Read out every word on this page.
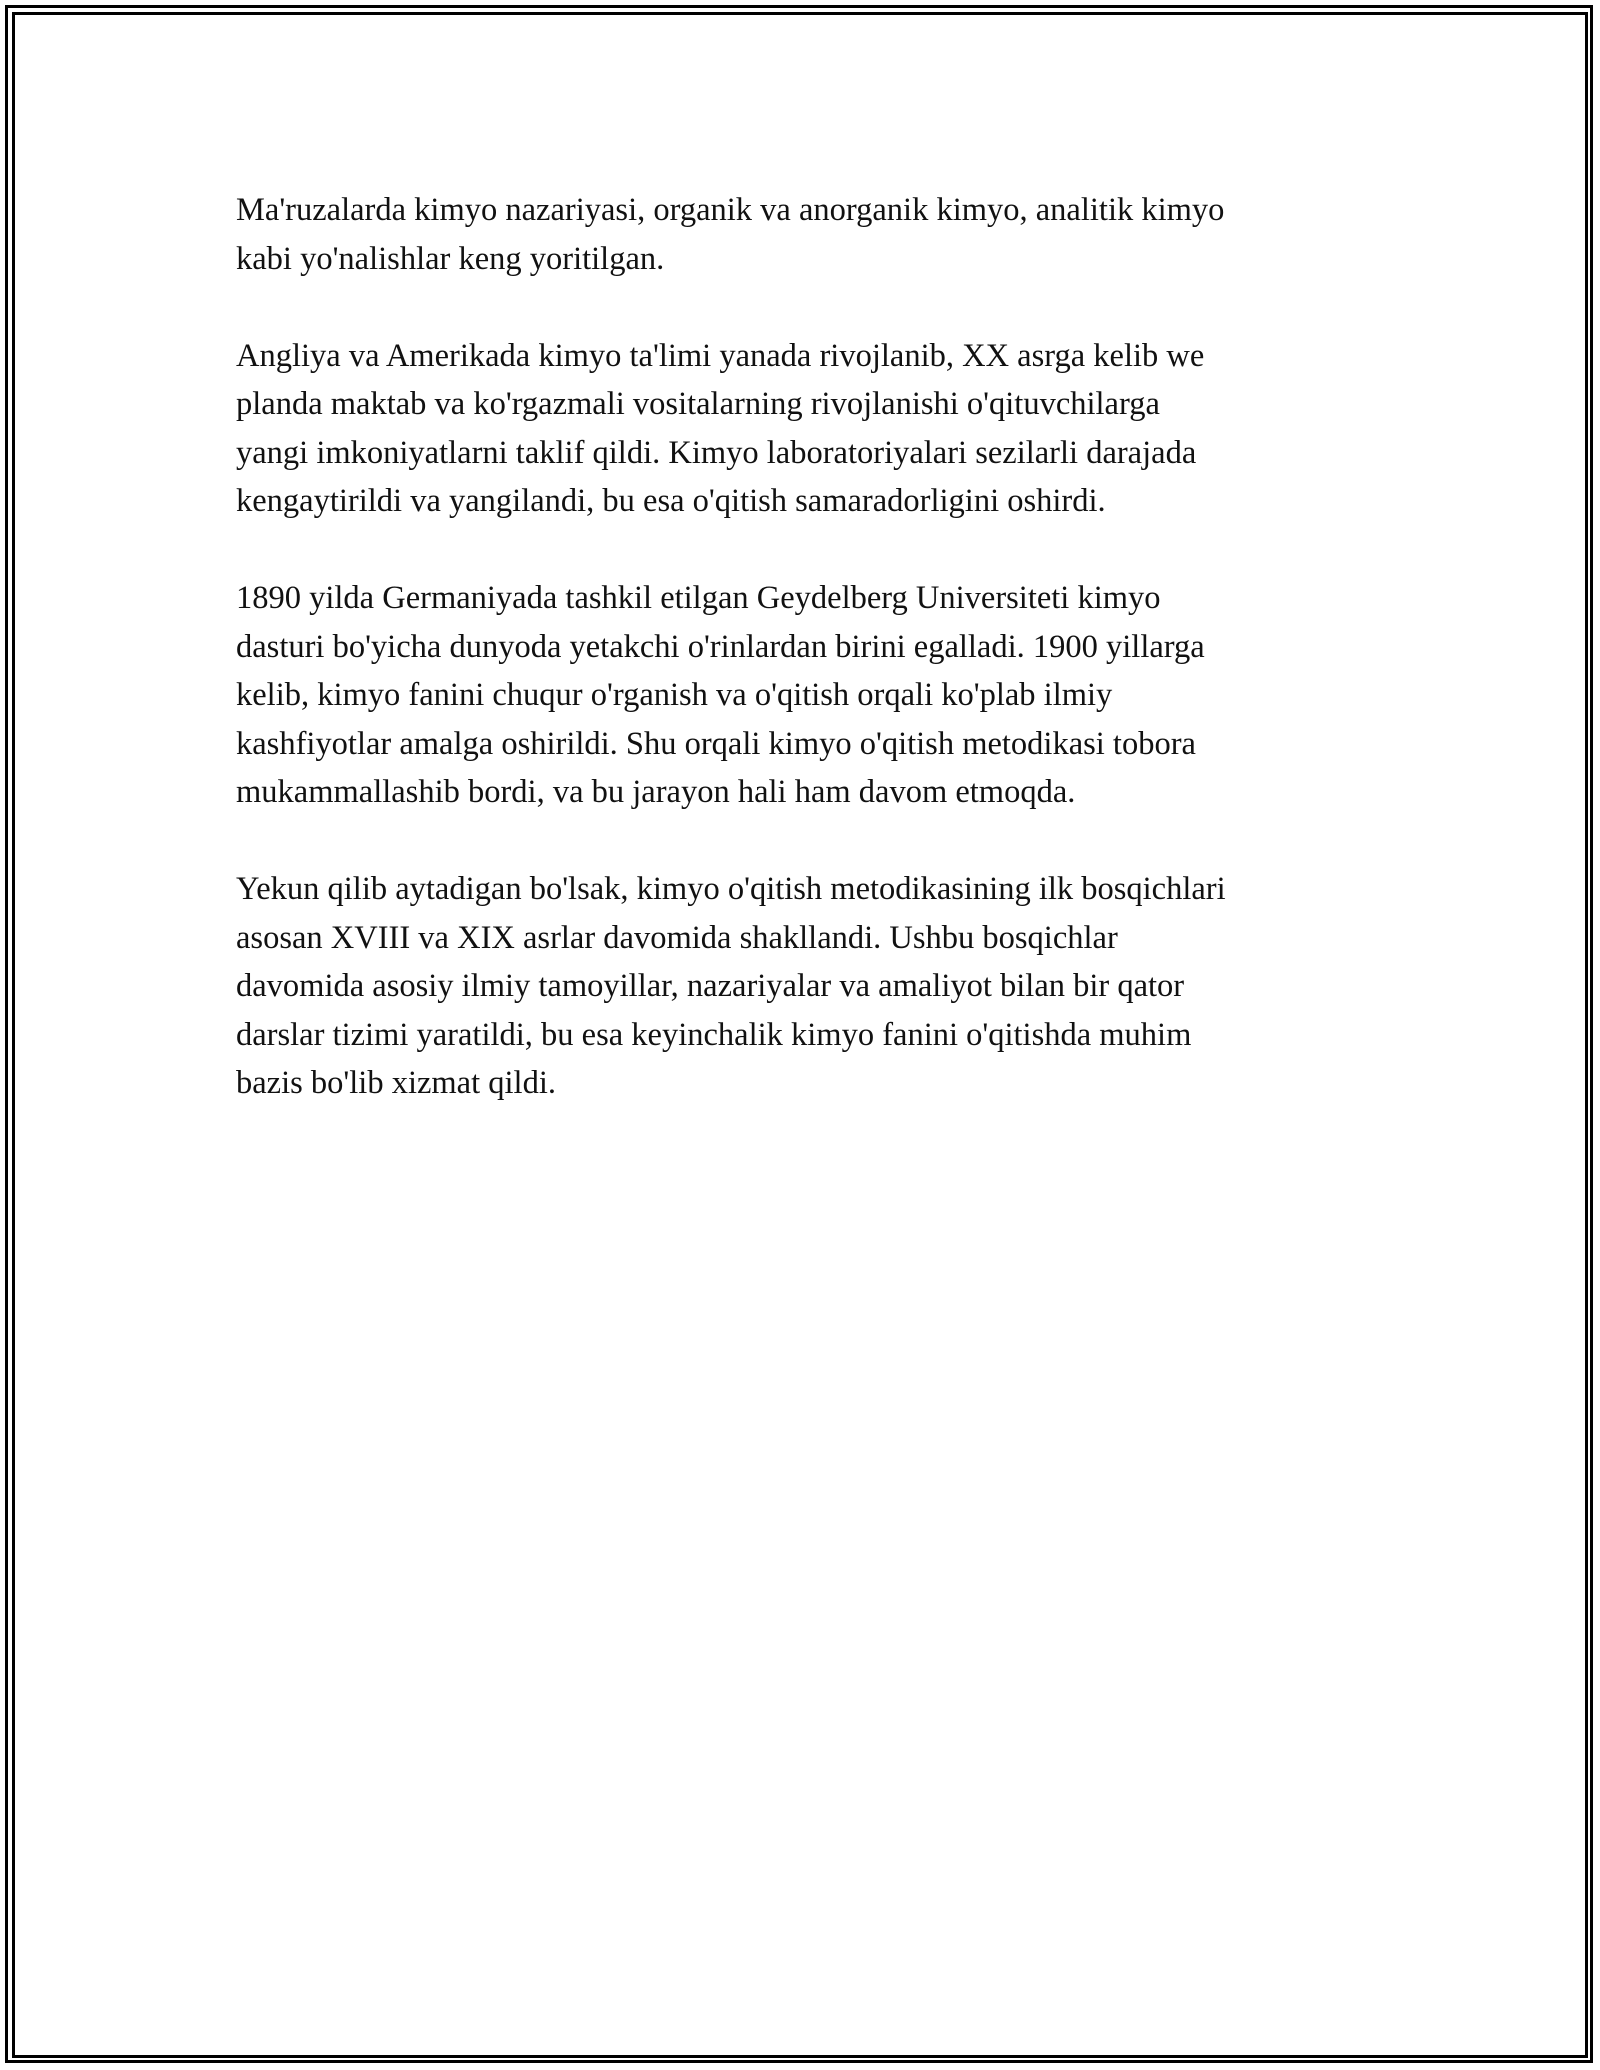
Ma'ruzalarda kimyo nazariyasi, organik va anorganik kimyo, analitik kimyo
kabi yo'nalishlar keng yoritilgan.

Angliya va Amerikada kimyo ta'limi yanada rivojlanib, XX asrga kelib we
planda maktab va ko'rgazmali vositalarning rivojlanishi o'qituvchilarga
yangi imkoniyatlarni taklif qildi. Kimyo laboratoriyalari sezilarli darajada
kengaytirildi va yangilandi, bu esa o'qitish samaradorligini oshirdi.

1890 yilda Germaniyada tashkil etilgan Geydelberg Universiteti kimyo
dasturi bo'yicha dunyoda yetakchi o'rinlardan birini egalladi. 1900 yillarga
kelib, kimyo fanini chuqur o'rganish va o'qitish orqali ko'plab ilmiy
kashfiyotlar amalga oshirildi. Shu orqali kimyo o'qitish metodikasi tobora
mukammallashib bordi, va bu jarayon hali ham davom etmoqda.

Yekun qilib aytadigan bo'lsak, kimyo o'qitish metodikasining ilk bosqichlari
asosan XVIII va XIX asrlar davomida shakllandi. Ushbu bosqichlar
davomida asosiy ilmiy tamoyillar, nazariyalar va amaliyot bilan bir qator
darslar tizimi yaratildi, bu esa keyinchalik kimyo fanini o'qitishda muhim
bazis bo'lib xizmat qildi.
